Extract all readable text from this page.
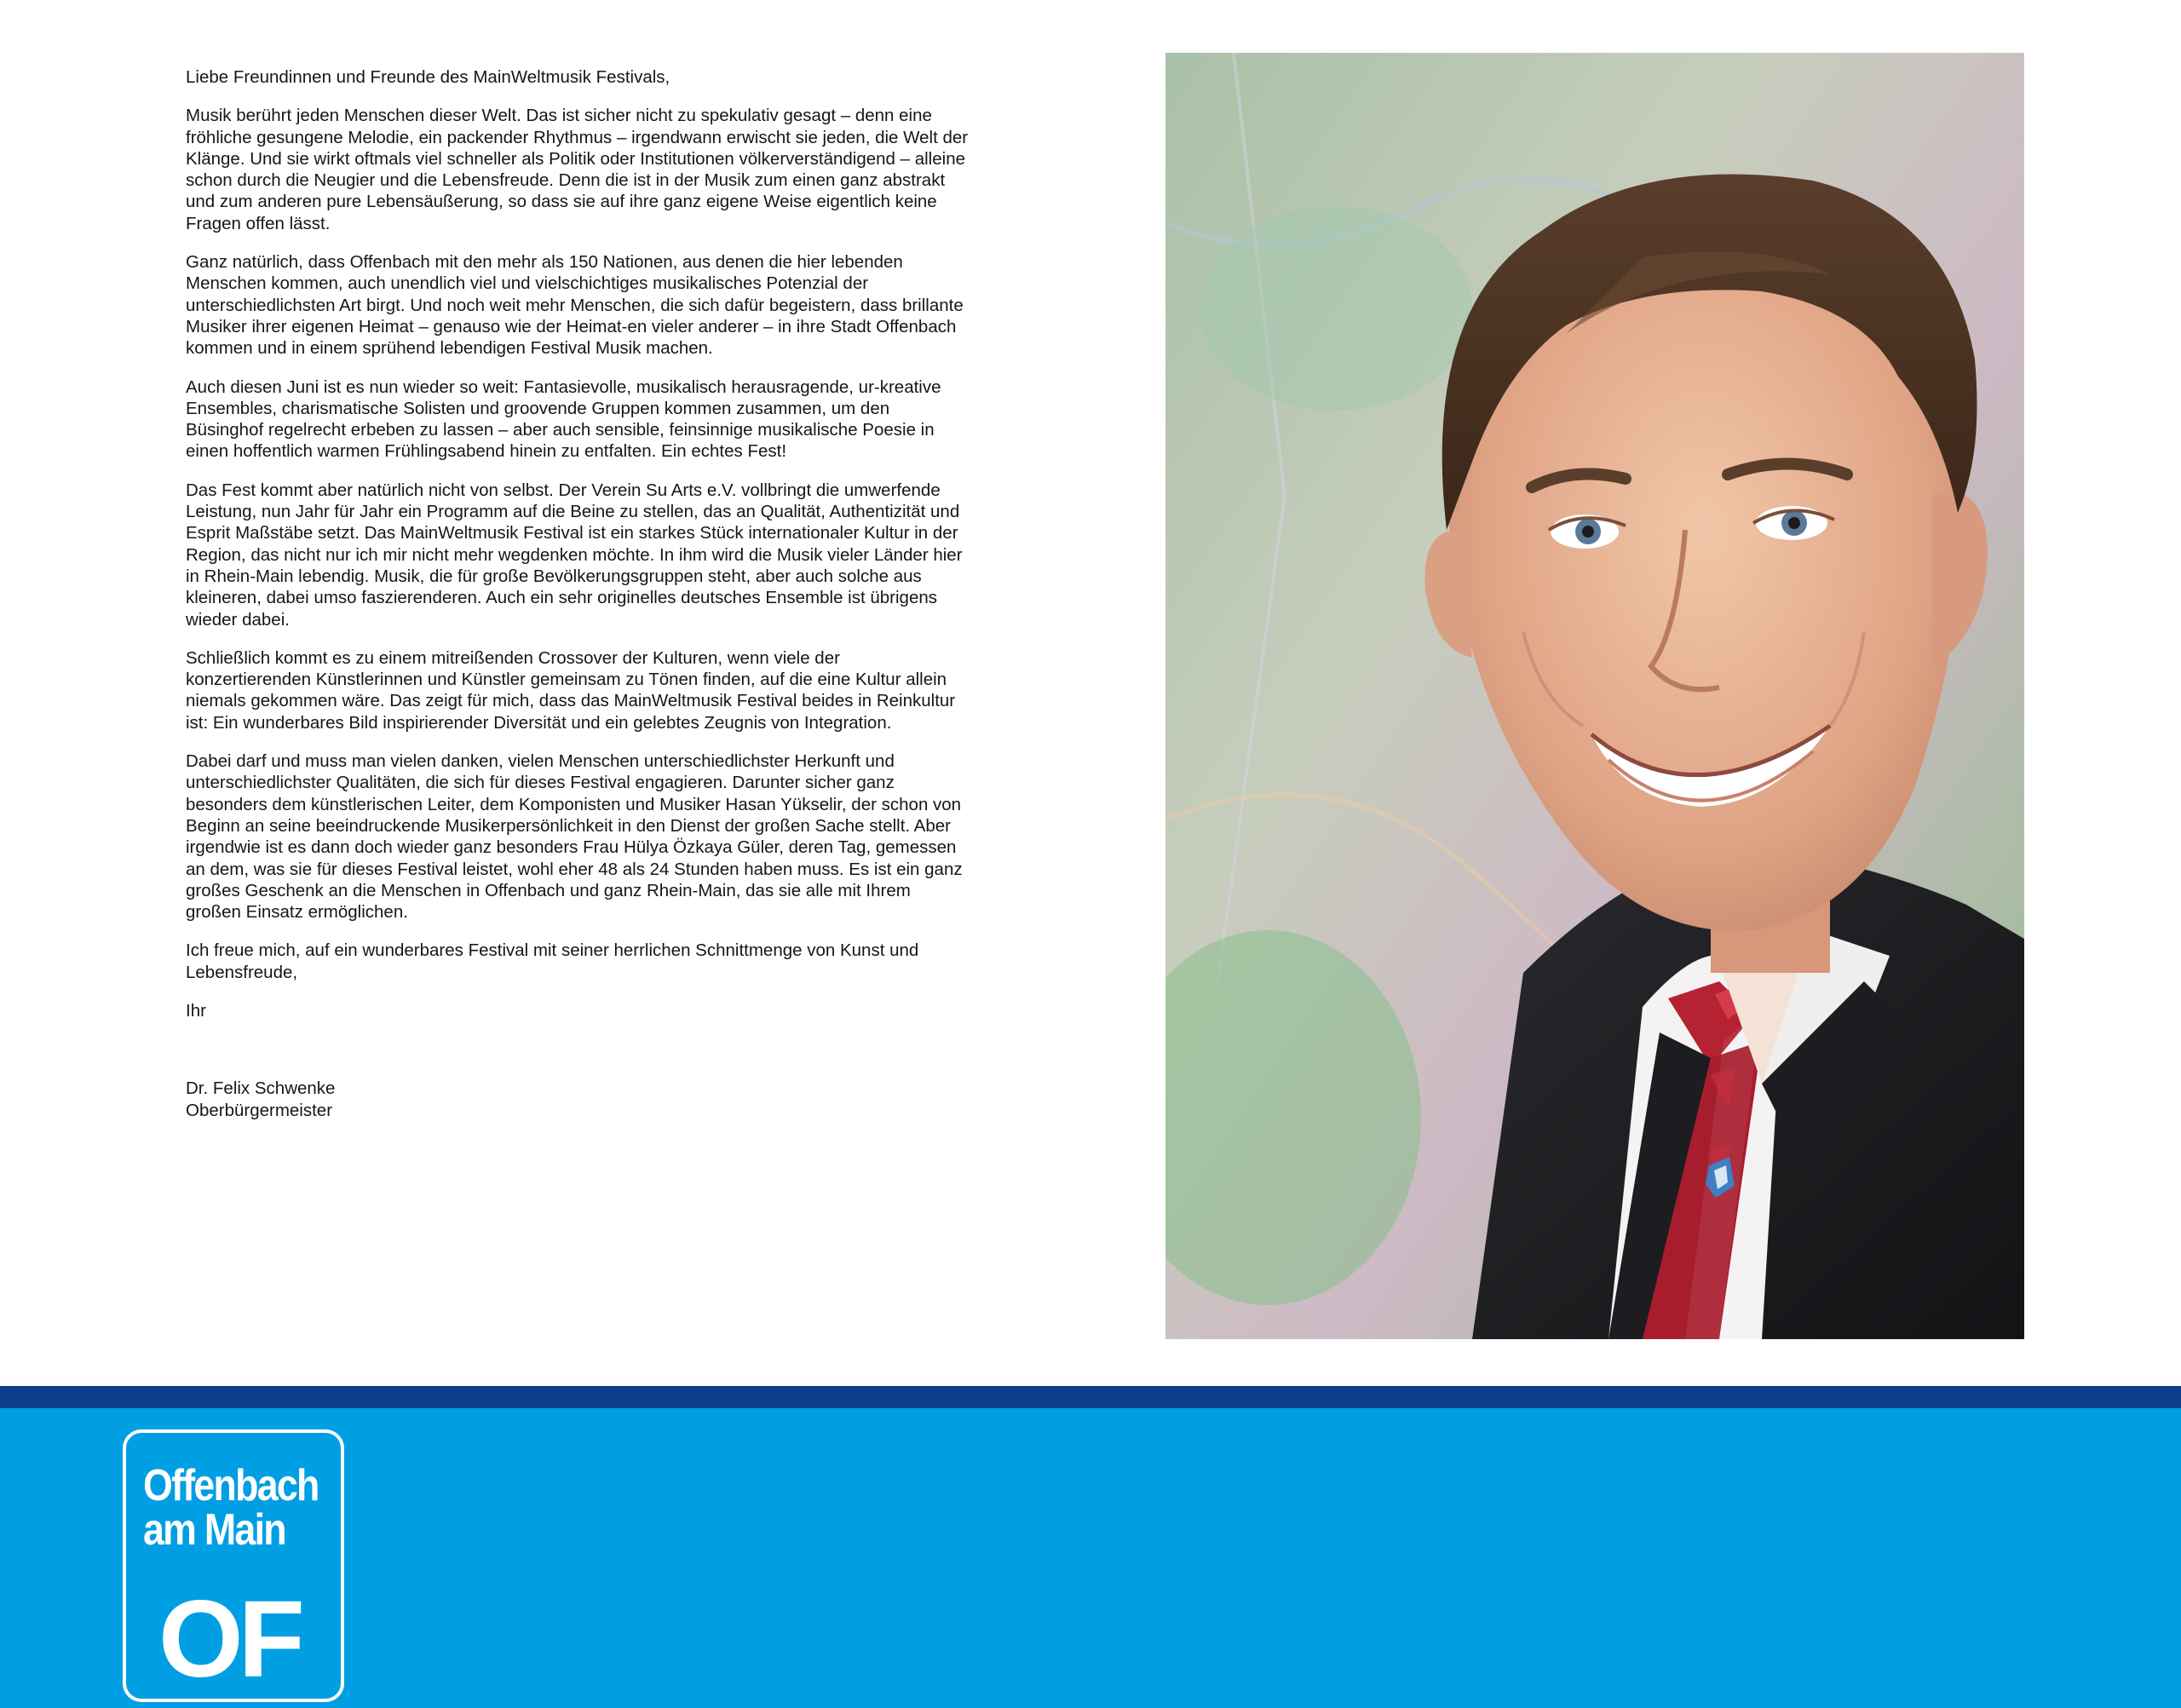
Liebe Freundinnen und Freunde des MainWeltmusik Festivals,

Musik berührt jeden Menschen dieser Welt. Das ist sicher nicht zu spekulativ gesagt – denn eine fröhliche gesungene Melodie, ein packender Rhythmus – irgendwann erwischt sie jeden, die Welt der Klänge. Und sie wirkt oftmals viel schneller als Politik oder Institutionen völkerverständigend – alleine schon durch die Neugier und die Lebensfreude. Denn die ist in der Musik zum einen ganz abstrakt und zum anderen pure Lebensäußerung, so dass sie auf ihre ganz eigene Weise eigentlich keine Fragen offen lässt.

Ganz natürlich, dass Offenbach mit den mehr als 150 Nationen, aus denen die hier lebenden Menschen kommen, auch unendlich viel und vielschichtiges musikalisches Potenzial der unterschiedlichsten Art birgt. Und noch weit mehr Menschen, die sich dafür begeistern, dass brillante Musiker ihrer eigenen Heimat – genauso wie der Heimat-en vieler anderer – in ihre Stadt Offenbach kommen und in einem sprühend lebendigen Festival Musik machen.

Auch diesen Juni ist es nun wieder so weit: Fantasievolle, musikalisch herausragende, ur-kreative Ensembles, charismatische Solisten und groovende Gruppen kommen zusammen, um den Büsinghof regelrecht erbeben zu lassen – aber auch sensible, feinsinnige musikalische Poesie in einen hoffentlich warmen Frühlingsabend hinein zu entfalten. Ein echtes Fest!

Das Fest kommt aber natürlich nicht von selbst. Der Verein Su Arts e.V. vollbringt die umwerfende Leistung, nun Jahr für Jahr ein Programm auf die Beine zu stellen, das an Qualität, Authentizität und Esprit Maßstäbe setzt. Das MainWeltmusik Festival ist ein starkes Stück internationaler Kultur in der Region, das nicht nur ich mir nicht mehr wegdenken möchte. In ihm wird die Musik vieler Länder hier in Rhein-Main lebendig. Musik, die für große Bevölkerungsgruppen steht, aber auch solche aus kleineren, dabei umso faszierenderen. Auch ein sehr originelles deutsches Ensemble ist übrigens wieder dabei.

Schließlich kommt es zu einem mitreißenden Crossover der Kulturen, wenn viele der konzertierenden Künstlerinnen und Künstler gemeinsam zu Tönen finden, auf die eine Kultur allein niemals gekommen wäre. Das zeigt für mich, dass das MainWeltmusik Festival beides in Reinkultur ist: Ein wunderbares Bild inspirierender Diversität und ein gelebtes Zeugnis von Integration.

Dabei darf und muss man vielen danken, vielen Menschen unterschiedlichster Herkunft und unterschiedlichster Qualitäten, die sich für dieses Festival engagieren. Darunter sicher ganz besonders dem künstlerischen Leiter, dem Komponisten und Musiker Hasan Yükselir, der schon von Beginn an seine beeindruckende Musikerpersönlichkeit in den Dienst der großen Sache stellt. Aber irgendwie ist es dann doch wieder ganz besonders Frau Hülya Özkaya Güler, deren Tag, gemessen an dem, was sie für dieses Festival leistet, wohl eher 48 als 24 Stunden haben muss. Es ist ein ganz großes Geschenk an die Menschen in Offenbach und ganz Rhein-Main, das sie alle mit Ihrem großen Einsatz ermöglichen.

Ich freue mich, auf ein wunderbares Festival mit seiner herrlichen Schnittmenge von Kunst und Lebensfreude,

Ihr

Dr. Felix Schwenke
Oberbürgermeister
Offenbach
am Main
OF
